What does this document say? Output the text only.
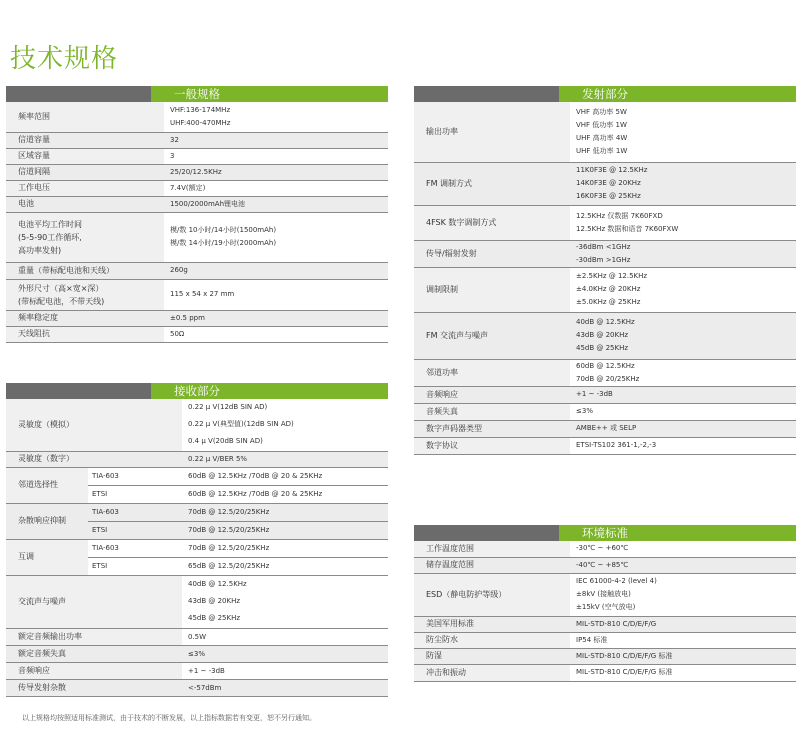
技术规格
一般规格
频率范围	VHF:136-174MHz
UHF:400-470MHz

信道容量	32

区域容量	3

信道间隔	25/20/12.5KHz

工作电压	7.4V(额定)

电池	1500/2000mAh锂电池

电池平均工作时间
(5-5-90工作循环,
高功率发射)	模/数 10小时/14小时(1500mAh)
模/数 14小时/19小时(2000mAh)

重量（带标配电池和天线）	260g

外形尺寸（高×宽×深）
(带标配电池，不带天线)	115 x 54 x 27 mm

频率稳定度	±0.5 ppm

天线阻抗	50Ω
接收部分
灵敏度（模拟）		0.22 μ V(12dB SIN AD)
0.22 μ V(典型值)(12dB SIN AD)
0.4 μ V(20dB SIN AD)

灵敏度（数字）		0.22 μ V/BER 5%
邻道选择性	TIA-603	60dB @ 12.5KHz /70dB @ 20 & 25KHz
	ETSI	60dB @ 12.5KHz /70dB @ 20 & 25KHz
杂散响应抑制	TIA-603	70dB @ 12.5/20/25KHz
	ETSI	70dB @ 12.5/20/25KHz
互调	TIA-603	70dB @ 12.5/20/25KHz
	ETSI	65dB @ 12.5/20/25KHz
交流声与噪声		40dB @ 12.5KHz
43dB @ 20KHz
45dB @ 25KHz

额定音频输出功率		0.5W
额定音频失真		≤3%
音频响应		+1 ~ -3dB
传导发射杂散		<-57dBm
发射部分
输出功率	VHF 高功率 5W
VHF 低功率 1W
UHF 高功率 4W
UHF 低功率 1W

FM 调制方式	11K0F3E @ 12.5KHz
14K0F3E @ 20KHz
16K0F3E @ 25KHz

4FSK 数字调制方式	12.5KHz 仅数据 7K60FXD
12.5KHz 数据和语音 7K60FXW

传导/辐射发射	-36dBm <1GHz
-30dBm >1GHz

调制限制	±2.5KHz @ 12.5KHz
±4.0KHz @ 20KHz
±5.0KHz @ 25KHz

FM 交流声与噪声	40dB @ 12.5KHz
43dB @ 20KHz
45dB @ 25KHz

邻道功率	60dB @ 12.5KHz
70dB @ 20/25KHz

音频响应	+1 ~ -3dB

音频失真	≤3%

数字声码器类型	AMBE++ 或 SELP

数字协议	ETSI-TS102 361-1,-2,-3
环境标准
工作温度范围	-30℃ ~ +60℃

储存温度范围	-40℃ ~ +85℃

ESD（静电防护等级）	IEC 61000-4-2 (level 4)
±8kV (接触放电)
±15kV (空气放电)

美国军用标准	MIL-STD-810 C/D/E/F/G

防尘防水	IP54 标准

防湿	MIL-STD-810 C/D/E/F/G 标准

冲击和振动	MIL-STD-810 C/D/E/F/G 标准
以上规格均按照适用标准测试，由于技术的不断发展，以上指标数据若有变更，恕不另行通知。
